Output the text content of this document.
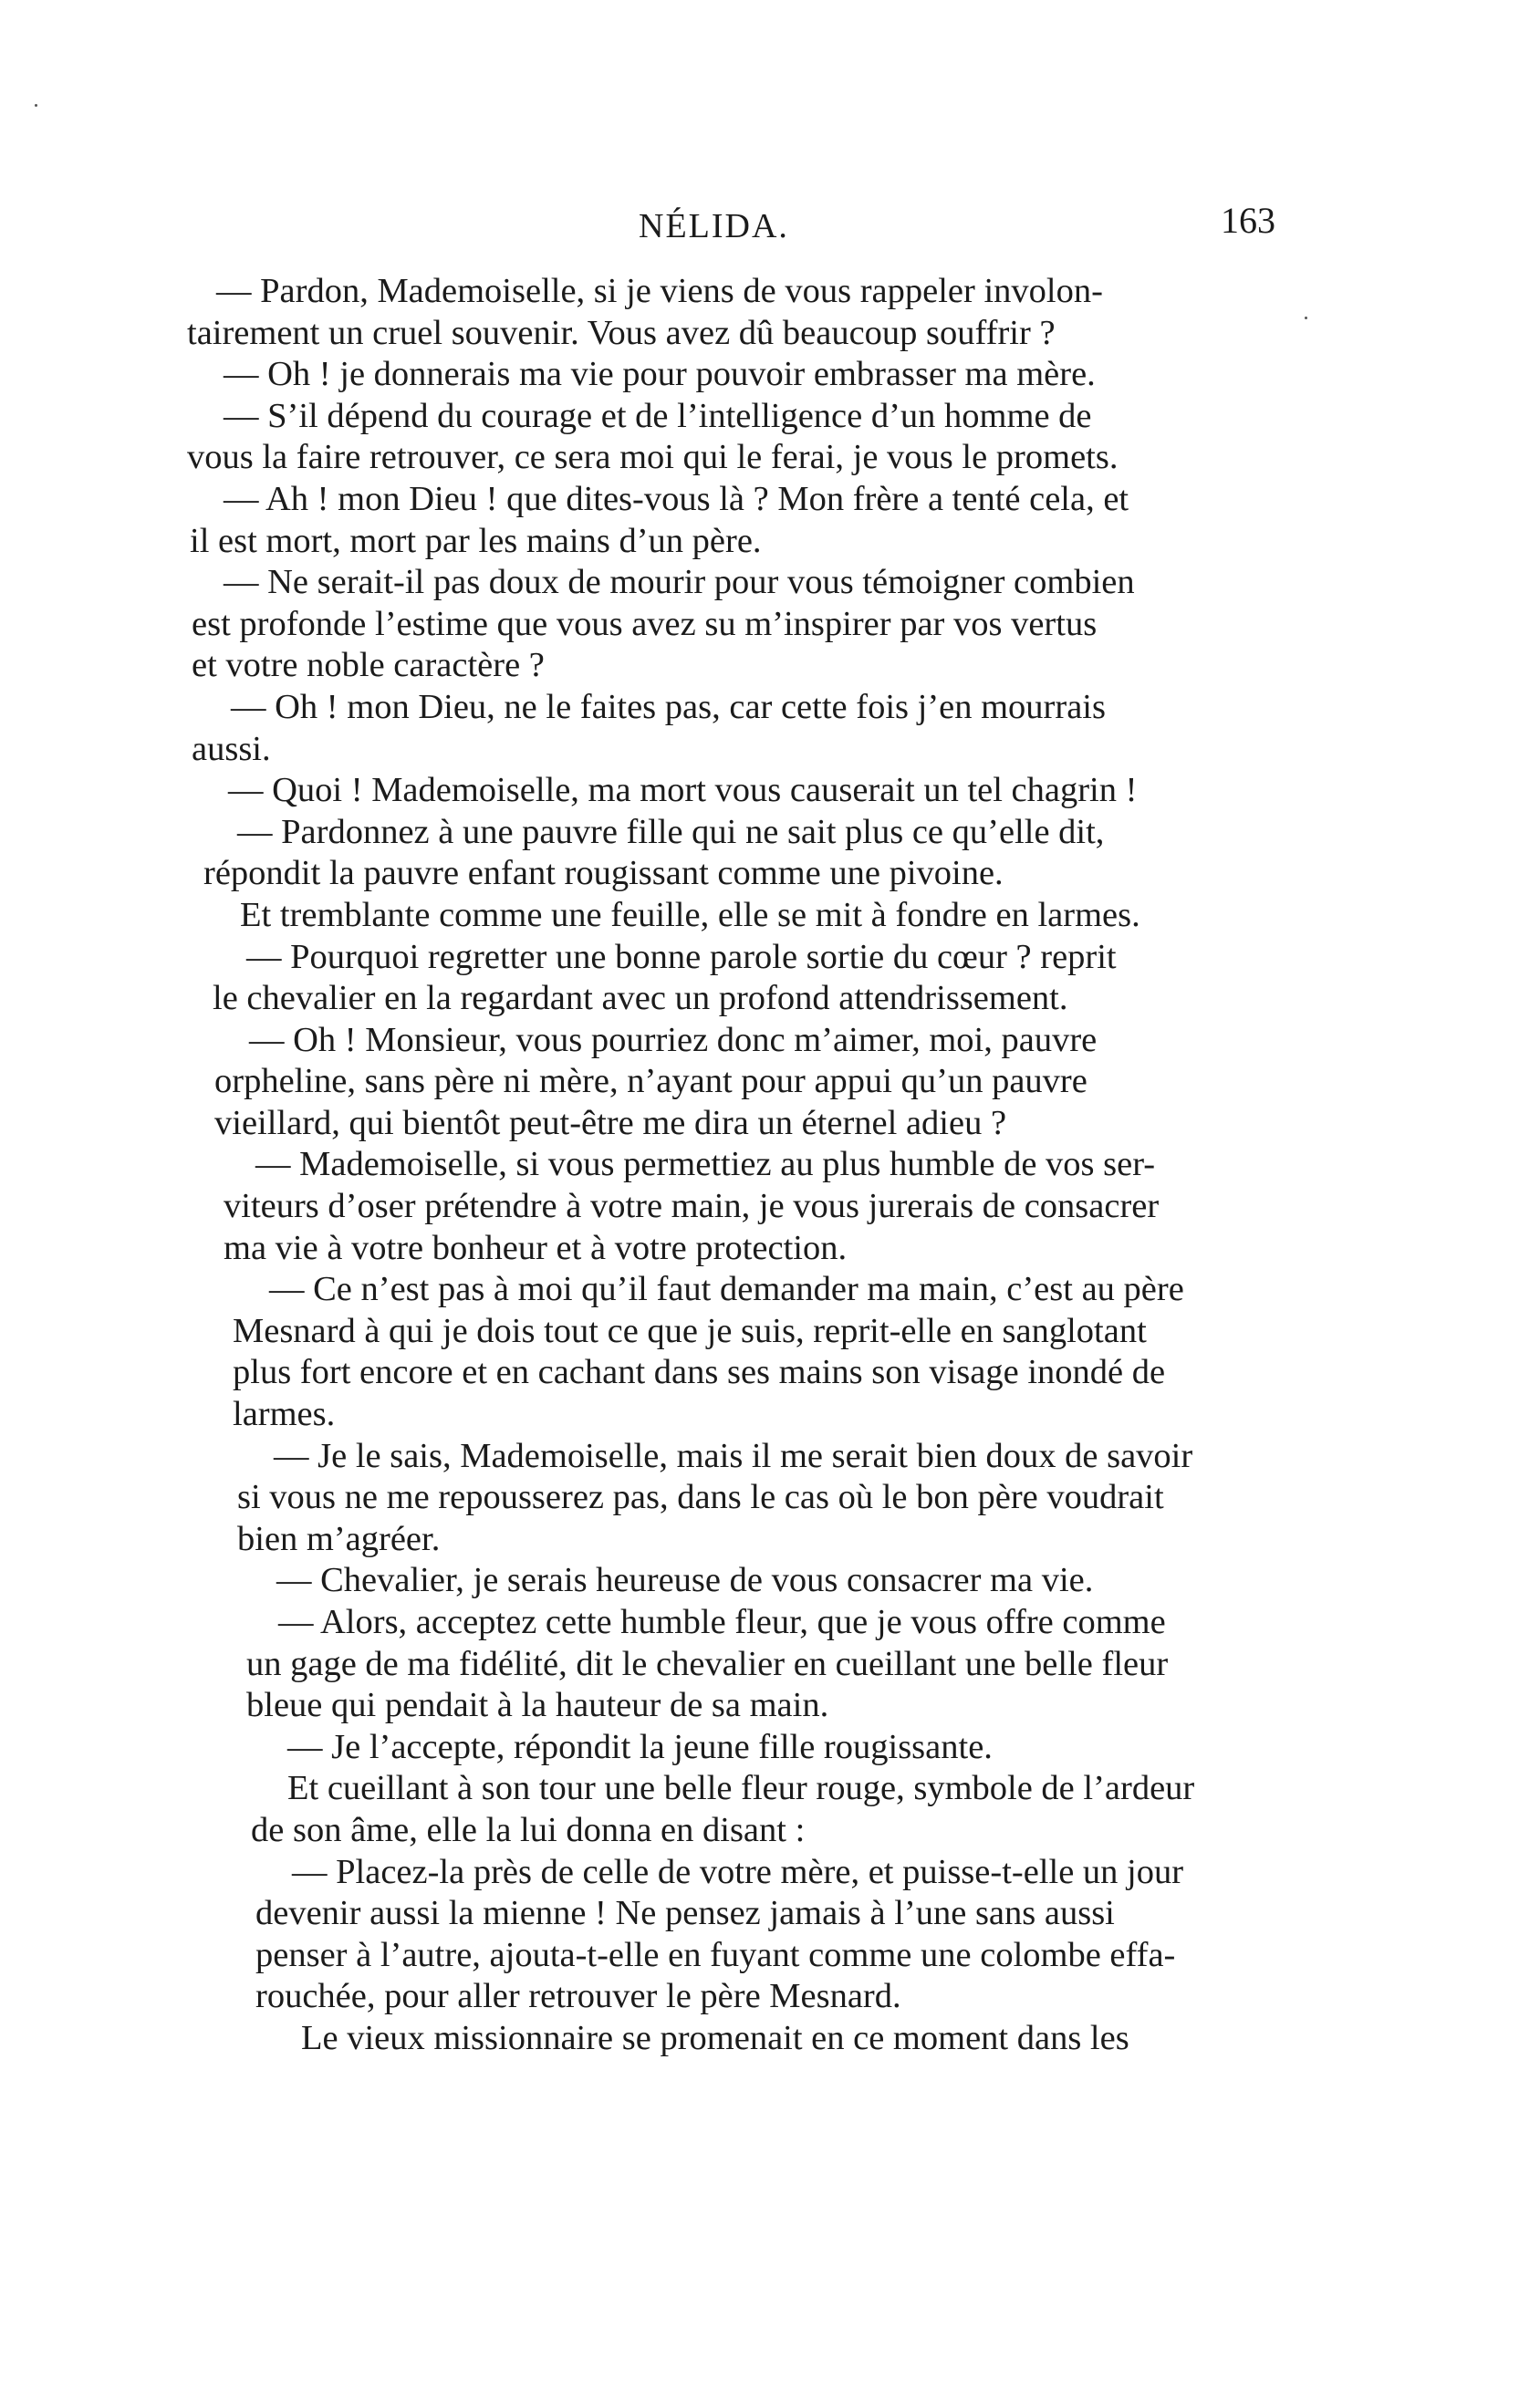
NÉLIDA.	163
— Pardon, Mademoiselle, si je viens de vous rappeler involon-
tairement un cruel souvenir. Vous avez dû beaucoup souffrir ?
— Oh ! je donnerais ma vie pour pouvoir embrasser ma mère.
— S’il dépend du courage et de l’intelligence d’un homme de
vous la faire retrouver, ce sera moi qui le ferai, je vous le promets.
— Ah ! mon Dieu ! que dites-vous là ? Mon frère a tenté cela, et
il est mort, mort par les mains d’un père.
— Ne serait-il pas doux de mourir pour vous témoigner combien
est profonde l’estime que vous avez su m’inspirer par vos vertus
et votre noble caractère ?
— Oh ! mon Dieu, ne le faites pas, car cette fois j’en mourrais
aussi.
— Quoi ! Mademoiselle, ma mort vous causerait un tel chagrin !
— Pardonnez à une pauvre fille qui ne sait plus ce qu’elle dit,
répondit la pauvre enfant rougissant comme une pivoine.
Et tremblante comme une feuille, elle se mit à fondre en larmes.
— Pourquoi regretter une bonne parole sortie du cœur ? reprit
le chevalier en la regardant avec un profond attendrissement.
— Oh ! Monsieur, vous pourriez donc m’aimer, moi, pauvre
orpheline, sans père ni mère, n’ayant pour appui qu’un pauvre
vieillard, qui bientôt peut-être me dira un éternel adieu ?
— Mademoiselle, si vous permettiez au plus humble de vos ser-
viteurs d’oser prétendre à votre main, je vous jurerais de consacrer
ma vie à votre bonheur et à votre protection.
— Ce n’est pas à moi qu’il faut demander ma main, c’est au père
Mesnard à qui je dois tout ce que je suis, reprit-elle en sanglotant
plus fort encore et en cachant dans ses mains son visage inondé de
larmes.
— Je le sais, Mademoiselle, mais il me serait bien doux de savoir
si vous ne me repousserez pas, dans le cas où le bon père voudrait
bien m’agréer.
— Chevalier, je serais heureuse de vous consacrer ma vie.
— Alors, acceptez cette humble fleur, que je vous offre comme
un gage de ma fidélité, dit le chevalier en cueillant une belle fleur
bleue qui pendait à la hauteur de sa main.
— Je l’accepte, répondit la jeune fille rougissante.
Et cueillant à son tour une belle fleur rouge, symbole de l’ardeur
de son âme, elle la lui donna en disant :
— Placez-la près de celle de votre mère, et puisse-t-elle un jour
devenir aussi la mienne ! Ne pensez jamais à l’une sans aussi
penser à l’autre, ajouta-t-elle en fuyant comme une colombe effa-
rouchée, pour aller retrouver le père Mesnard.
Le vieux missionnaire se promenait en ce moment dans les
